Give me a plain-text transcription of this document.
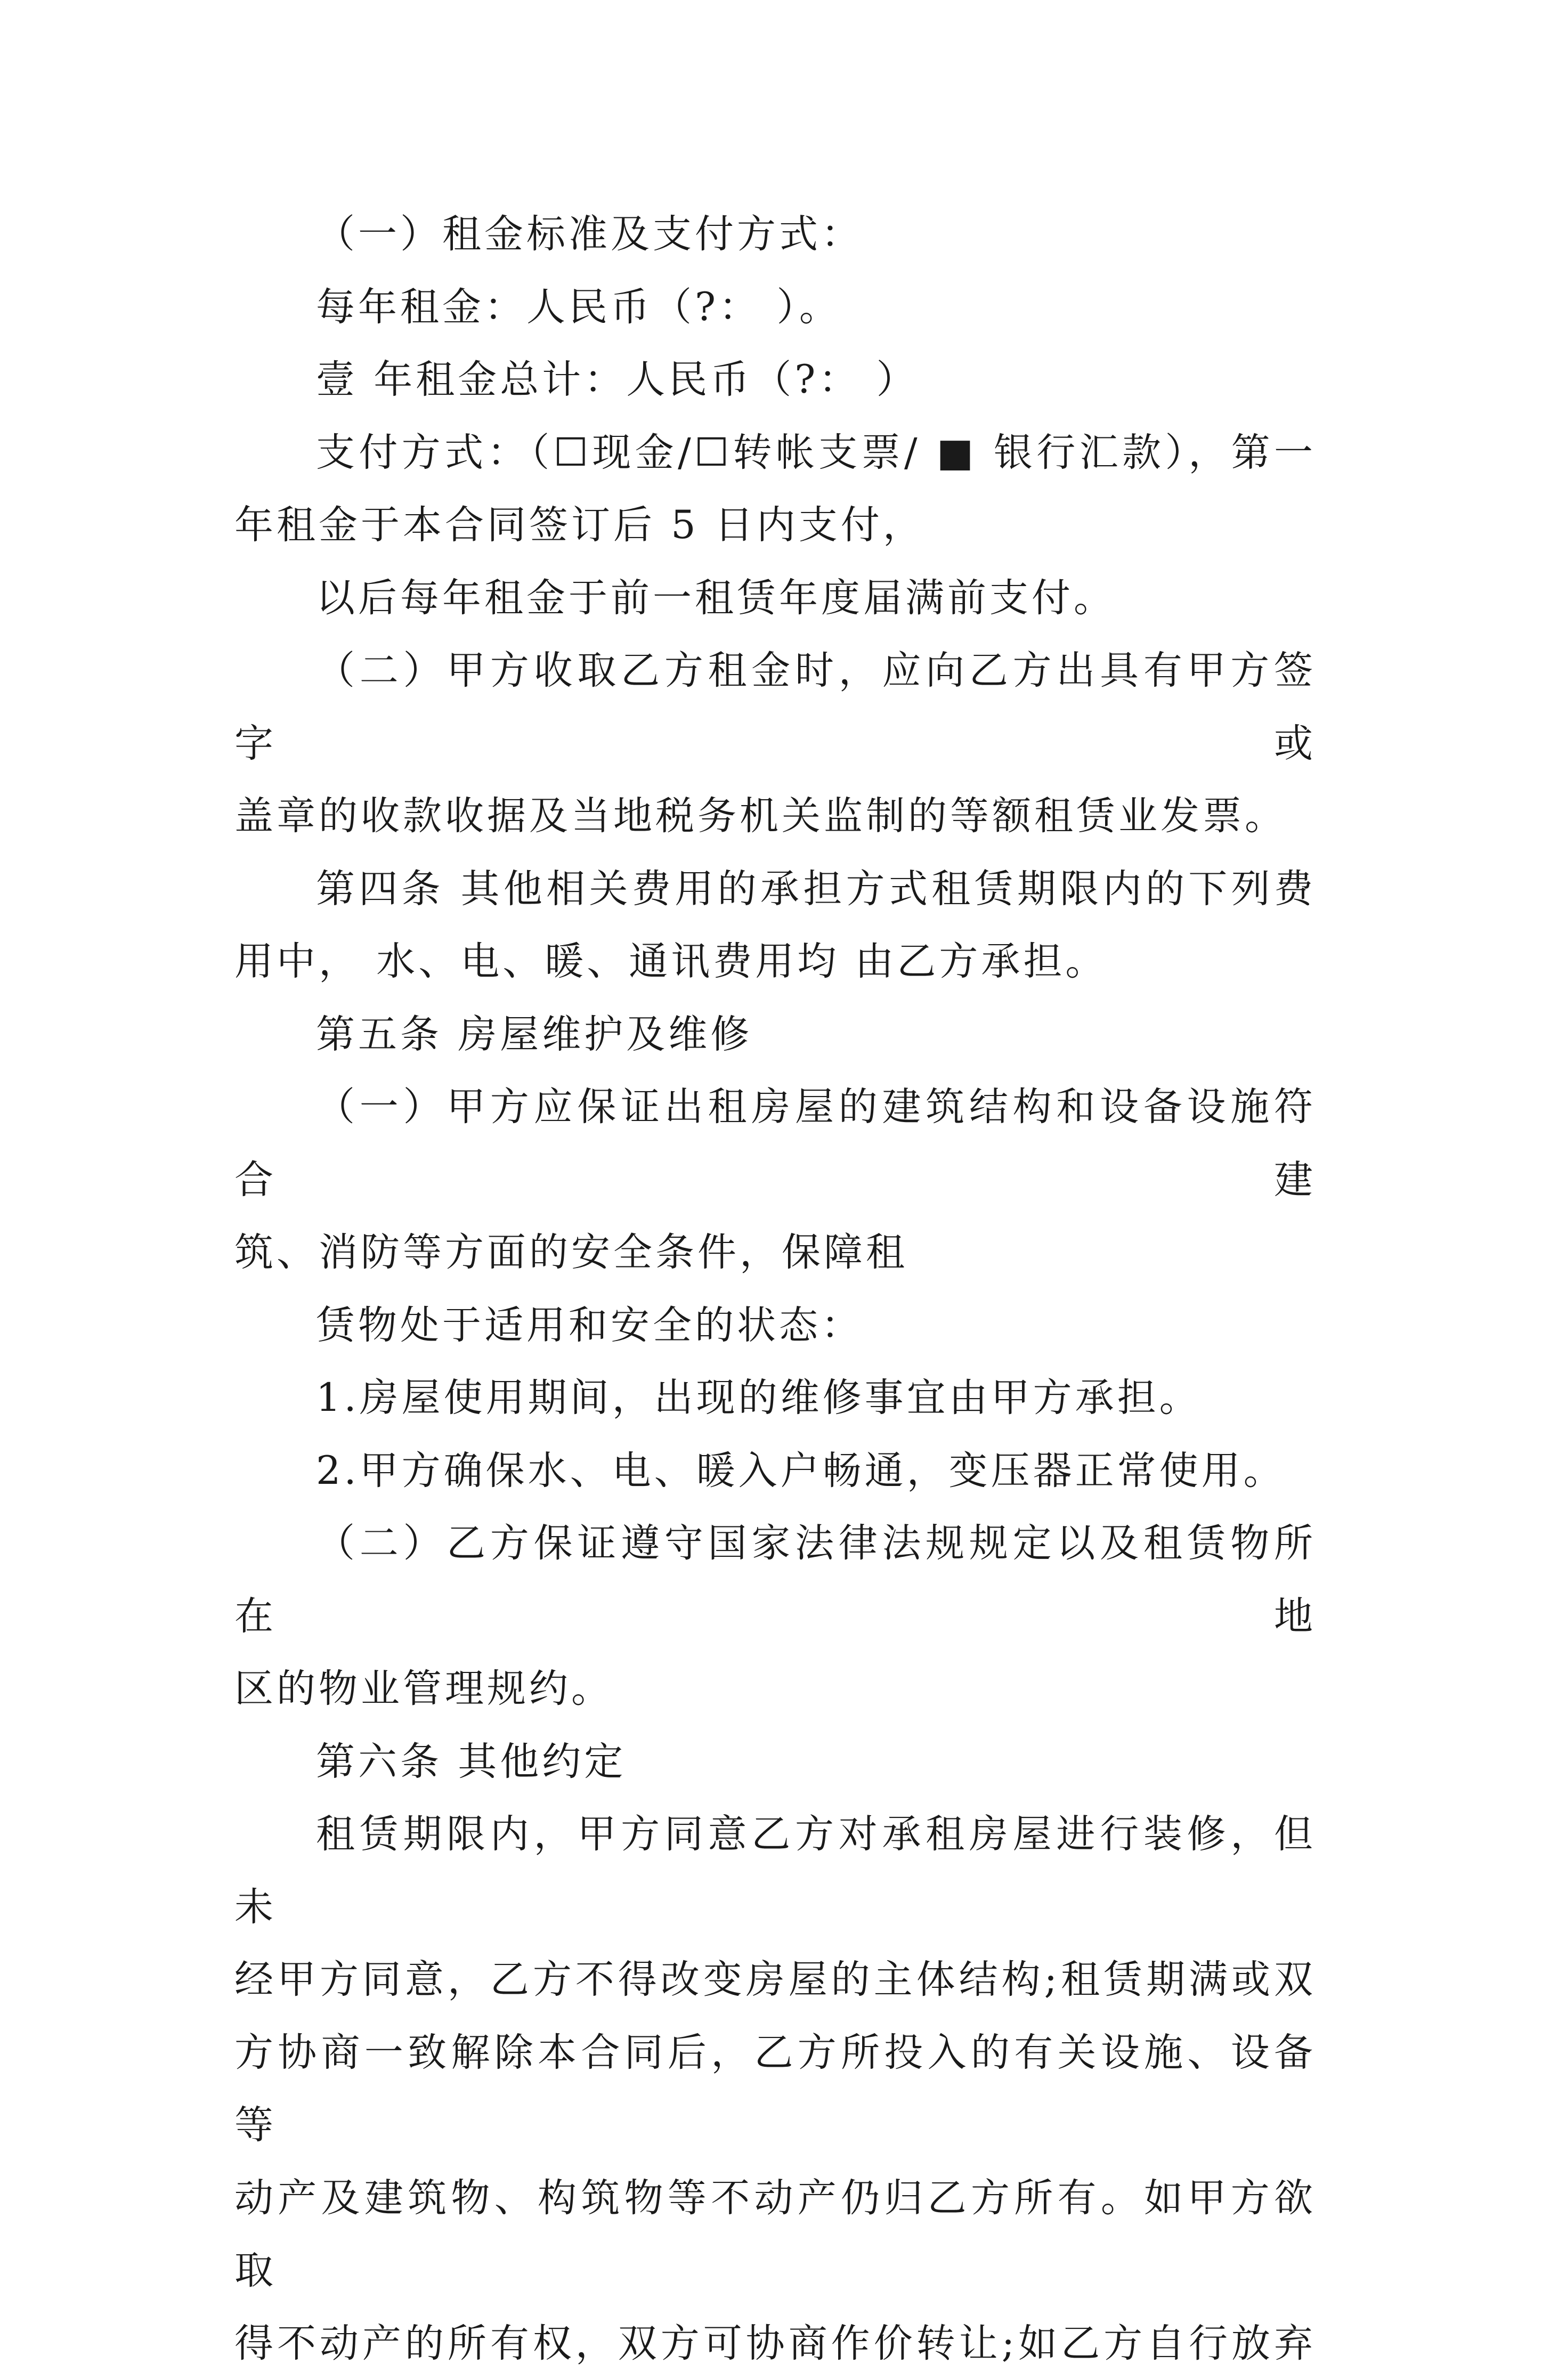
（一）租金标准及支付方式：

每年租金：人民币（?： ）。

壹 年租金总计：人民币（?： ）

支付方式：（☐现金/☐转帐支票/ ■ 银行汇款），第一

年租金于本合同签订后 5 日内支付，

以后每年租金于前一租赁年度届满前支付。

（二）甲方收取乙方租金时，应向乙方出具有甲方签字或

盖章的收款收据及当地税务机关监制的等额租赁业发票。

第四条 其他相关费用的承担方式租赁期限内的下列费

用中， 水、电、暖、通讯费用均 由乙方承担。

第五条 房屋维护及维修

（一）甲方应保证出租房屋的建筑结构和设备设施符合建

筑、消防等方面的安全条件，保障租

赁物处于适用和安全的状态：

1.房屋使用期间，出现的维修事宜由甲方承担。

2.甲方确保水、电、暖入户畅通，变压器正常使用。

（二）乙方保证遵守国家法律法规规定以及租赁物所在地

区的物业管理规约。

第六条 其他约定

租赁期限内，甲方同意乙方对承租房屋进行装修，但未

经甲方同意，乙方不得改变房屋的主体结构;租赁期满或双

方协商一致解除本合同后，乙方所投入的有关设施、设备等

动产及建筑物、构筑物等不动产仍归乙方所有。如甲方欲取

得不动产的所有权，双方可协商作价转让;如乙方自行放弃
